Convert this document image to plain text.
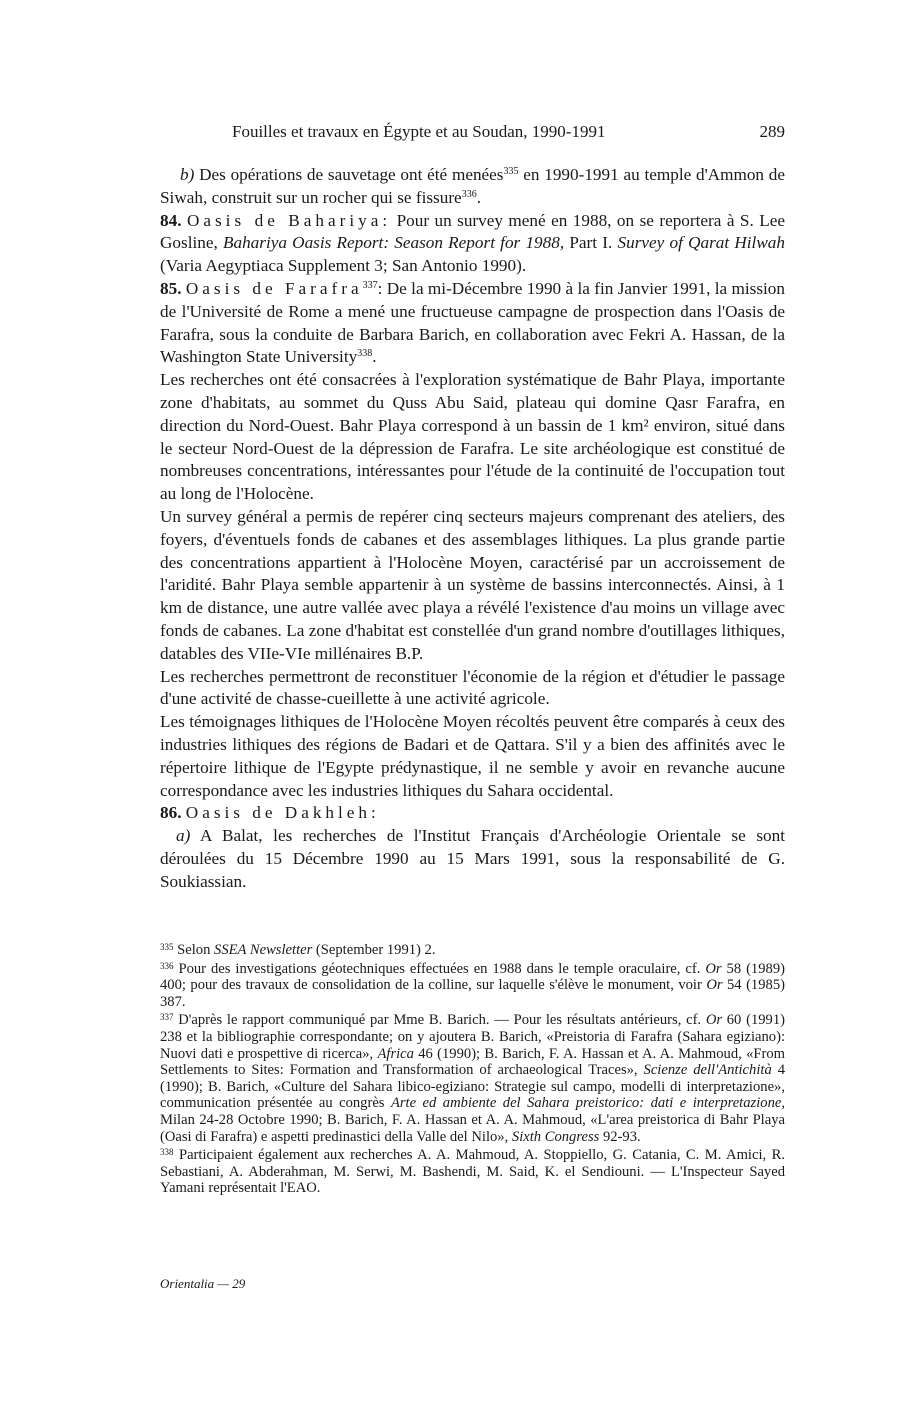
Fouilles et travaux en Égypte et au Soudan, 1990-1991	289

b) Des opérations de sauvetage ont été menées$^{335}$ en 1990-1991 au temple d'Ammon de Siwah, construit sur un rocher qui se fissure$^{336}$.

84. Oasis de Bahariya: Pour un survey mené en 1988, on se reportera à S. Lee Gosline, Bahariya Oasis Report: Season Report for 1988, Part I. Survey of Qarat Hilwah (Varia Aegyptiaca Supplement 3; San Antonio 1990).

85. Oasis de Farafra$^{337}$: De la mi-Décembre 1990 à la fin Janvier 1991, la mission de l'Université de Rome a mené une fructueuse campagne de prospection dans l'Oasis de Farafra, sous la conduite de Barbara Barich, en collaboration avec Fekri A. Hassan, de la Washington State University$^{338}$.

Les recherches ont été consacrées à l'exploration systématique de Bahr Playa, importante zone d'habitats, au sommet du Quss Abu Said, plateau qui domine Qasr Farafra, en direction du Nord-Ouest. Bahr Playa correspond à un bassin de 1 km² environ, situé dans le secteur Nord-Ouest de la dépression de Farafra. Le site archéologique est constitué de nombreuses concentrations, intéressantes pour l'étude de la continuité de l'occupation tout au long de l'Holocène.

Un survey général a permis de repérer cinq secteurs majeurs comprenant des ateliers, des foyers, d'éventuels fonds de cabanes et des assemblages lithiques. La plus grande partie des concentrations appartient à l'Holocène Moyen, caractérisé par un accroissement de l'aridité. Bahr Playa semble appartenir à un système de bassins interconnectés. Ainsi, à 1 km de distance, une autre vallée avec playa a révélé l'existence d'au moins un village avec fonds de cabanes. La zone d'habitat est constellée d'un grand nombre d'outillages lithiques, datables des VIIe-VIe millénaires B.P.

Les recherches permettront de reconstituer l'économie de la région et d'étudier le passage d'une activité de chasse-cueillette à une activité agricole.

Les témoignages lithiques de l'Holocène Moyen récoltés peuvent être comparés à ceux des industries lithiques des régions de Badari et de Qattara. S'il y a bien des affinités avec le répertoire lithique de l'Egypte prédynastique, il ne semble y avoir en revanche aucune correspondance avec les industries lithiques du Sahara occidental.

86. Oasis de Dakhleh:

a) A Balat, les recherches de l'Institut Français d'Archéologie Orientale se sont déroulées du 15 Décembre 1990 au 15 Mars 1991, sous la responsabilité de G. Soukiassian.

$^{335}$ Selon SSEA Newsletter (September 1991) 2.

$^{336}$ Pour des investigations géotechniques effectuées en 1988 dans le temple oraculaire, cf. Or 58 (1989) 400; pour des travaux de consolidation de la colline, sur laquelle s'élève le monument, voir Or 54 (1985) 387.

$^{337}$ D'après le rapport communiqué par Mme B. Barich. — Pour les résultats antérieurs, cf. Or 60 (1991) 238 et la bibliographie correspondante; on y ajoutera B. Barich, «Preistoria di Farafra (Sahara egiziano): Nuovi dati e prospettive di ricerca», Africa 46 (1990); B. Barich, F. A. Hassan et A. A. Mahmoud, «From Settlements to Sites: Formation and Transformation of archaeological Traces», Scienze dell'Antichità 4 (1990); B. Barich, «Culture del Sahara libico-egiziano: Strategie sul campo, modelli di interpretazione», communication présentée au congrès Arte ed ambiente del Sahara preistorico: dati e interpretazione, Milan 24-28 Octobre 1990; B. Barich, F. A. Hassan et A. A. Mahmoud, «L'area preistorica di Bahr Playa (Oasi di Farafra) e aspetti predinastici della Valle del Nilo», Sixth Congress 92-93.

$^{338}$ Participaient également aux recherches A. A. Mahmoud, A. Stoppiello, G. Catania, C. M. Amici, R. Sebastiani, A. Abderahman, M. Serwi, M. Bashendi, M. Said, K. el Sendiouni. — L'Inspecteur Sayed Yamani représentait l'EAO.

Orientalia — 29
